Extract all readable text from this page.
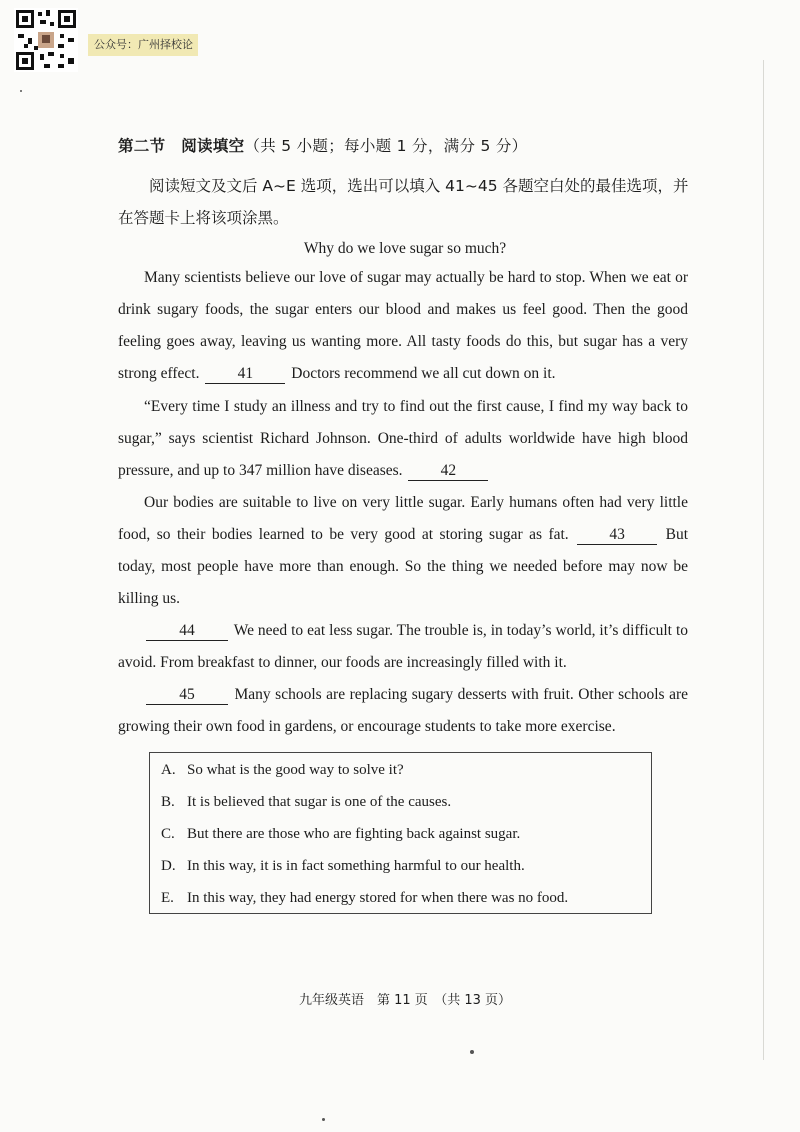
公众号：广州择校论
第二节　阅读填空（共 5 小题；每小题 1 分，满分 5 分）
阅读短文及文后 A~E 选项，选出可以填入 41~45 各题空白处的最佳选项，并在答题卡上将该项涂黑。
Why do we love sugar so much?
Many scientists believe our love of sugar may actually be hard to stop. When we eat or drink sugary foods, the sugar enters our blood and makes us feel good. Then the good feeling goes away, leaving us wanting more. All tasty foods do this, but sugar has a very strong effect. 41 Doctors recommend we all cut down on it.
“Every time I study an illness and try to find out the first cause, I find my way back to sugar,” says scientist Richard Johnson. One-third of adults worldwide have high blood pressure, and up to 347 million have diseases. 42
Our bodies are suitable to live on very little sugar. Early humans often had very little food, so their bodies learned to be very good at storing sugar as fat.	43	But today, most people have more than enough. So the thing we needed before may now be killing us.
44	We need to eat less sugar. The trouble is, in today’s world, it’s difficult to avoid. From breakfast to dinner, our foods are increasingly filled with it.
45	Many schools are replacing sugary desserts with fruit. Other schools are growing their own food in gardens, or encourage students to take more exercise.
A. So what is the good way to solve it?
B. It is believed that sugar is one of the causes.
C. But there are those who are fighting back against sugar.
D. In this way, it is in fact something harmful to our health.
E. In this way, they had energy stored for when there was no food.
九年级英语　第 11 页　（共 13 页）
